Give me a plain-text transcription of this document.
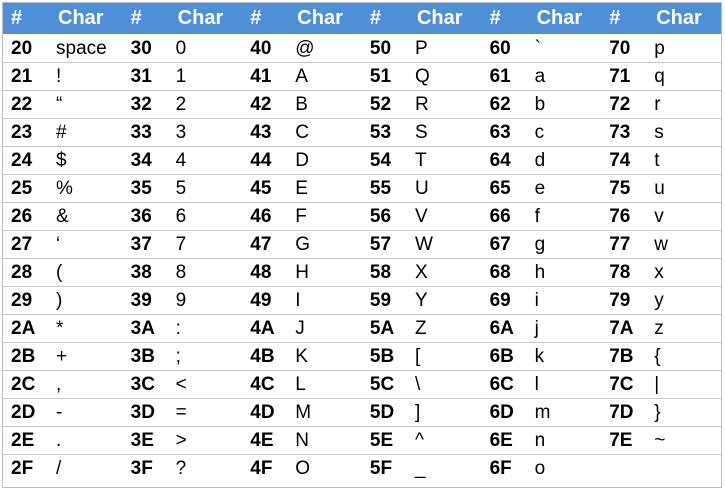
#	Char	#	Char	#	Char	#	Char	#	Char	#	Char
20	space	30	0	40	@	50	P	60	`	70	p
21	!	31	1	41	A	51	Q	61	a	71	q
22	“	32	2	42	B	52	R	62	b	72	r
23	#	33	3	43	C	53	S	63	c	73	s
24	$	34	4	44	D	54	T	64	d	74	t
25	%	35	5	45	E	55	U	65	e	75	u
26	&	36	6	46	F	56	V	66	f	76	v
27	‘	37	7	47	G	57	W	67	g	77	w
28	(	38	8	48	H	58	X	68	h	78	x
29	)	39	9	49	I	59	Y	69	i	79	y
2A	*	3A	:	4A	J	5A	Z	6A	j	7A	z
2B	+	3B	;	4B	K	5B	[	6B	k	7B	{
2C	,	3C	<	4C	L	5C	\	6C	l	7C	|
2D	-	3D	=	4D	M	5D	]	6D	m	7D	}
2E	.	3E	>	4E	N	5E	^	6E	n	7E	~
2F	/	3F	?	4F	O	5F	_	6F	o		
